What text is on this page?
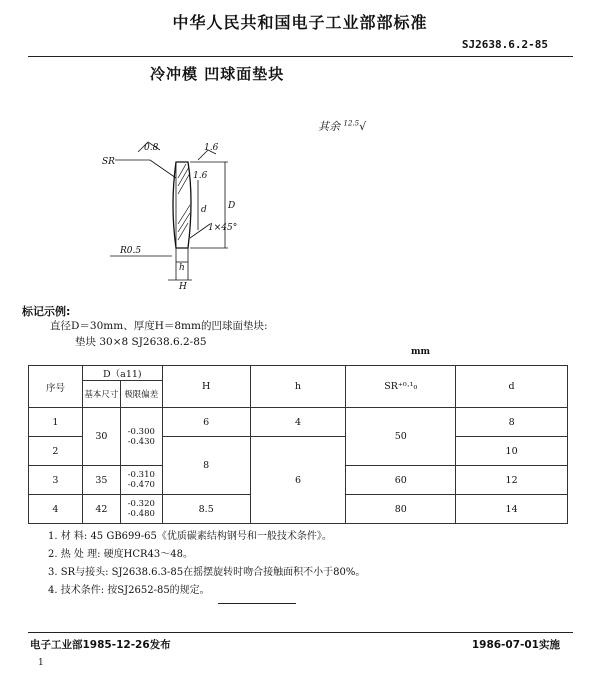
中华人民共和国电子工业部部标准
SJ2638.6.2-85
冷冲模 凹球面垫块
其余 $^{12.5}$√
SR
0.8	1.6
1.6
d D
1×45°
R0.5
h
H
标记示例:
直径D＝30mm、厚度H＝8mm的凹球面垫块:
垫块 30×8 SJ2638.6.2-85
mm
序号	D（a11)		H	h	SR⁺⁰·¹₀	d
	基本尺寸	极限偏差				
1	30	-0.300
-0.430	6	4	50	8
2			8	6		10
3	35	-0.310
-0.470			60	12
4	42	-0.320
-0.480	8.5		80	14
1. 材 料: 45 GB699-65《优质碳素结构钢号和一般技术条件》。
2. 热 处 理: 硬度HCR43～48。
3. SR与接头: SJ2638.6.3-85在摇摆旋转时吻合接触面积不小于80%。
4. 技术条件: 按SJ2652-85的规定。
电子工业部1985-12-26发布	1986-07-01实施
1
